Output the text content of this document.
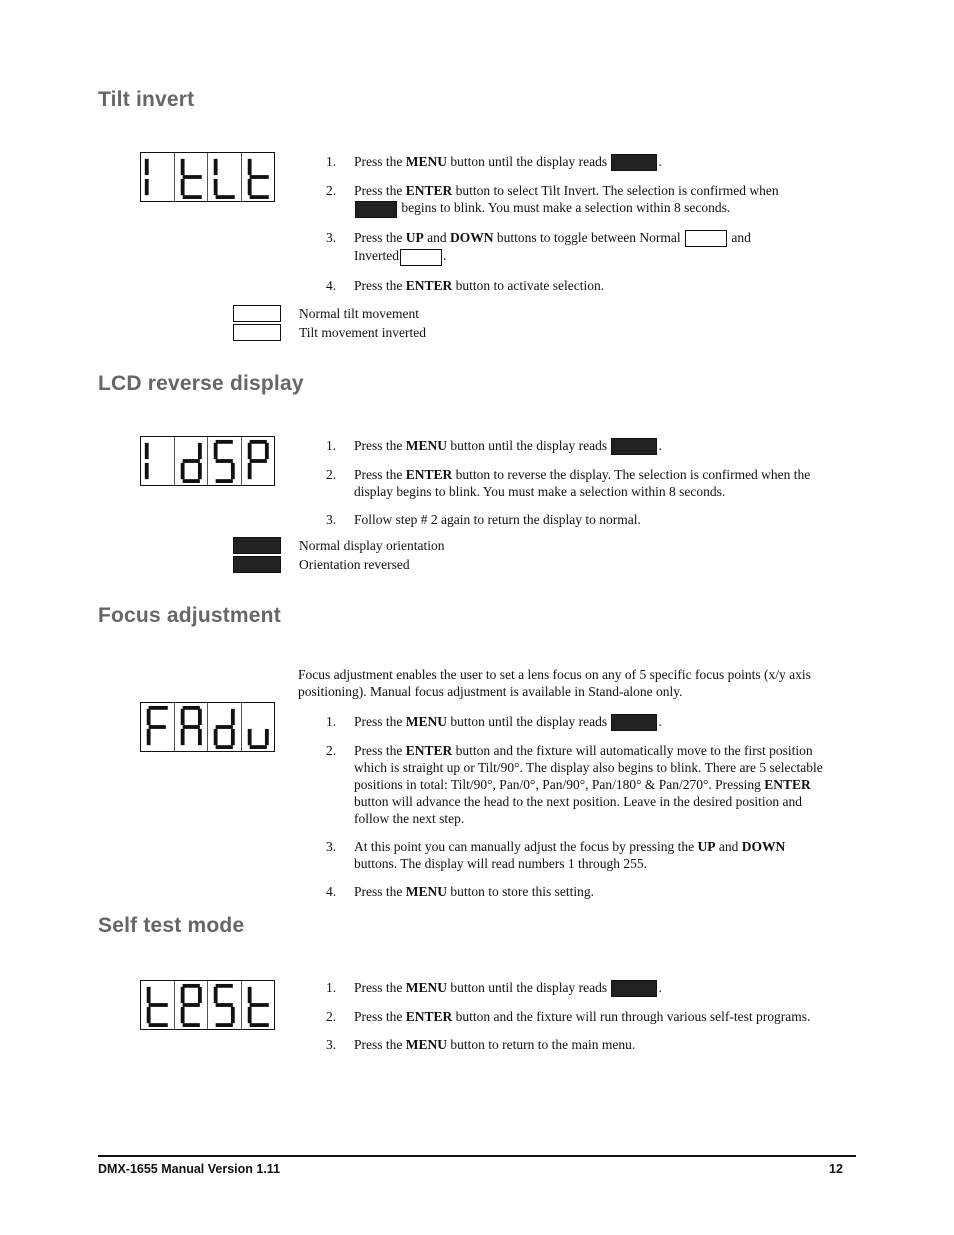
Tilt invert
1. Press the MENU button until the display reads	.
2. Press the ENTER button to select Tilt Invert. The selection is confirmed when
begins to blink. You must make a selection within 8 seconds.
3. Press the UP and DOWN buttons to toggle between Normal	and
Inverted	.
4. Press the ENTER button to activate selection.
Normal tilt movement
Tilt movement inverted
LCD reverse display
1. Press the MENU button until the display reads	.
2. Press the ENTER button to reverse the display. The selection is confirmed when the display begins to blink. You must make a selection within 8 seconds.
3. Follow step # 2 again to return the display to normal.
Normal display orientation
Orientation reversed
Focus adjustment
Focus adjustment enables the user to set a lens focus on any of 5 specific focus points (x/y axis positioning). Manual focus adjustment is available in Stand-alone only.
1. Press the MENU button until the display reads	.
2. Press the ENTER button and the fixture will automatically move to the first position which is straight up or Tilt/90°. The display also begins to blink. There are 5 selectable positions in total: Tilt/90°, Pan/0°, Pan/90°, Pan/180° & Pan/270°. Pressing ENTER button will advance the head to the next position. Leave in the desired position and follow the next step.
3. At this point you can manually adjust the focus by pressing the UP and DOWN buttons. The display will read numbers 1 through 255.
4. Press the MENU button to store this setting.
Self test mode
1. Press the MENU button until the display reads	.
2. Press the ENTER button and the fixture will run through various self-test programs.
3. Press the MENU button to return to the main menu.
DMX-1655 Manual Version 1.11	12
